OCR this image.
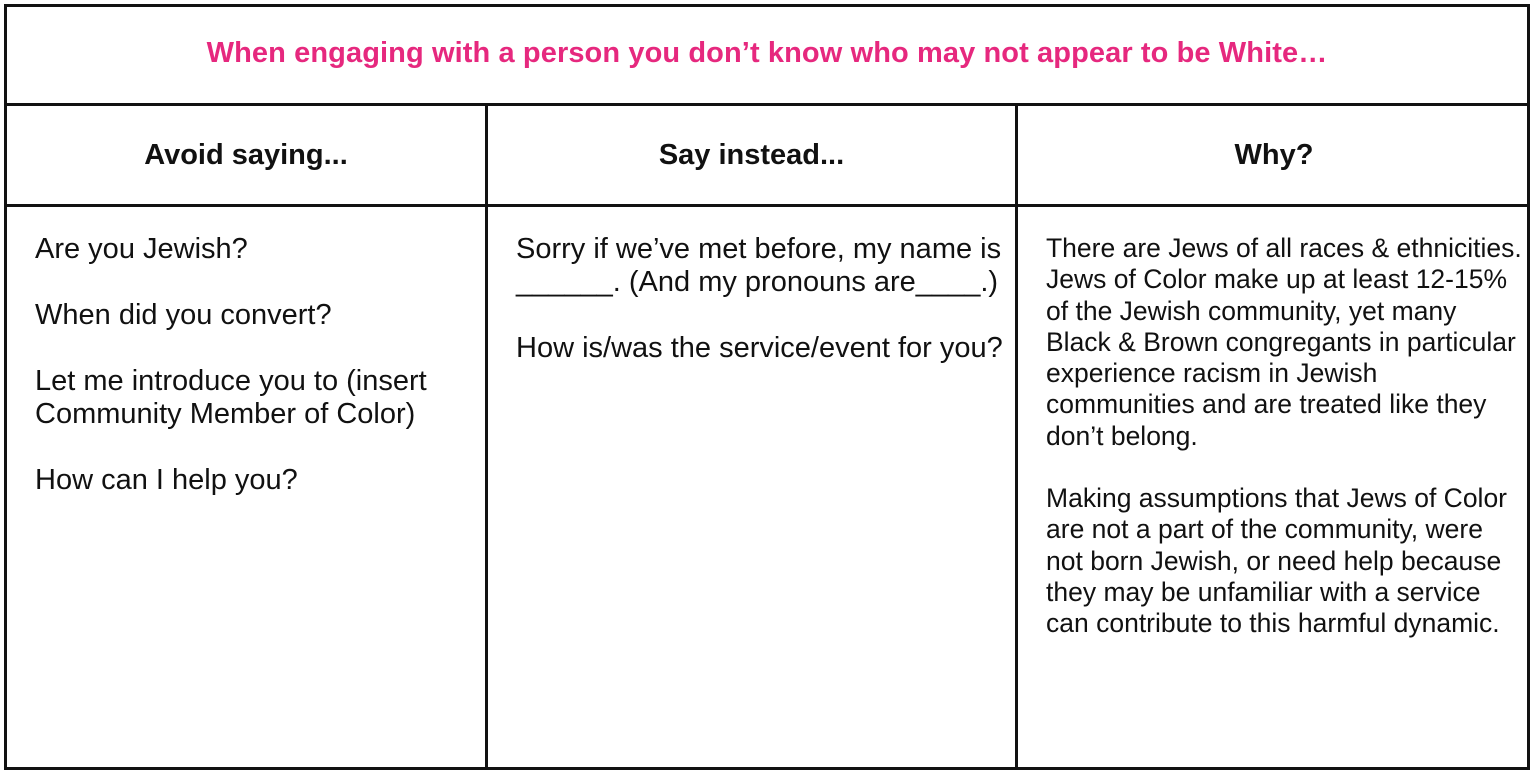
When engaging with a person you don’t know who may not appear to be White…
Avoid saying...	Say instead...	Why?

Are you Jewish?

When did you convert?

Let me introduce you to (insert Community Member of Color)

How can I help you?

Sorry if we’ve met before, my name is ______. (And my pronouns are____.)

How is/was the service/event for you?

There are Jews of all races & ethnicities. Jews of Color make up at least 12-15% of the Jewish community, yet many Black & Brown congregants in particular experience racism in Jewish communities and are treated like they don’t belong.

Making assumptions that Jews of Color are not a part of the community, were not born Jewish, or need help because they may be unfamiliar with a service can contribute to this harmful dynamic.
